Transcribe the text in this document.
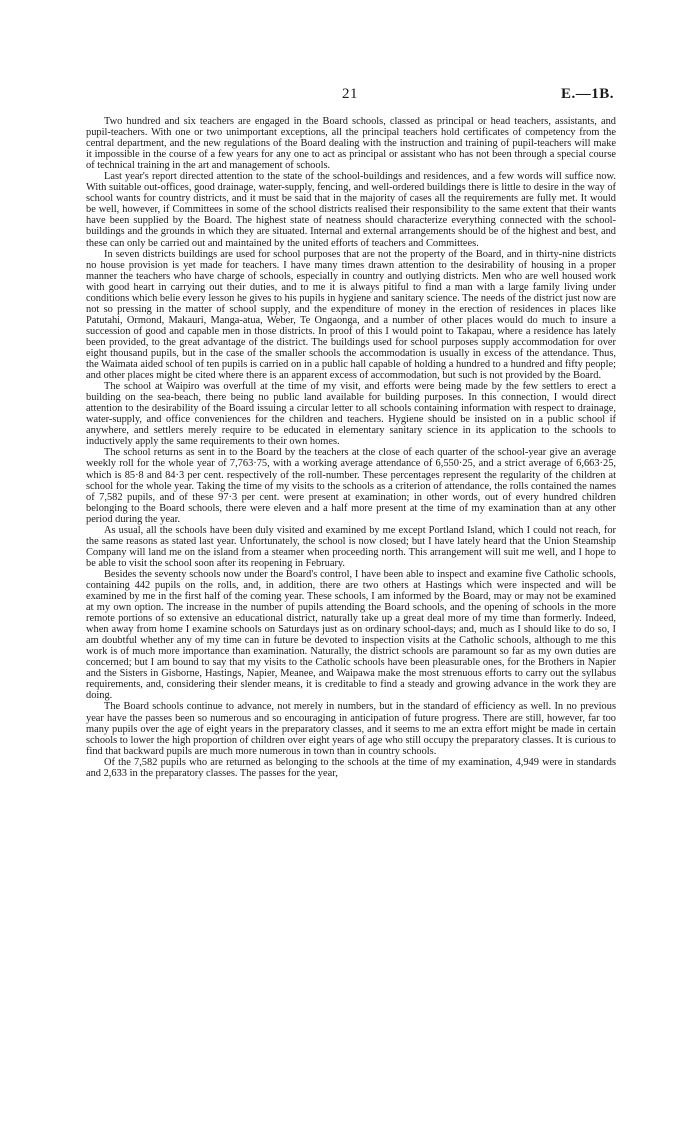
21	E.—1B.

Two hundred and six teachers are engaged in the Board schools, classed as principal or head teachers, assistants, and pupil-teachers. With one or two unimportant exceptions, all the principal teachers hold certificates of competency from the central department, and the new regulations of the Board dealing with the instruction and training of pupil-teachers will make it impossible in the course of a few years for any one to act as principal or assistant who has not been through a special course of technical training in the art and management of schools.

Last year's report directed attention to the state of the school-buildings and residences, and a few words will suffice now. With suitable out-offices, good drainage, water-supply, fencing, and well-ordered buildings there is little to desire in the way of school wants for country districts, and it must be said that in the majority of cases all the requirements are fully met. It would be well, however, if Committees in some of the school districts realised their responsibility to the same extent that their wants have been supplied by the Board. The highest state of neatness should characterize everything connected with the school-buildings and the grounds in which they are situated. Internal and external arrangements should be of the highest and best, and these can only be carried out and maintained by the united efforts of teachers and Committees.

In seven districts buildings are used for school purposes that are not the property of the Board, and in thirty-nine districts no house provision is yet made for teachers. I have many times drawn attention to the desirability of housing in a proper manner the teachers who have charge of schools, especially in country and outlying districts. Men who are well housed work with good heart in carrying out their duties, and to me it is always pitiful to find a man with a large family living under conditions which belie every lesson he gives to his pupils in hygiene and sanitary science. The needs of the district just now are not so pressing in the matter of school supply, and the expenditure of money in the erection of residences in places like Patutahi, Ormond, Makauri, Manga-atua, Weber, Te Ongaonga, and a number of other places would do much to insure a succession of good and capable men in those districts. In proof of this I would point to Takapau, where a residence has lately been provided, to the great advantage of the district. The buildings used for school purposes supply accommodation for over eight thousand pupils, but in the case of the smaller schools the accommodation is usually in excess of the attendance. Thus, the Waimata aided school of ten pupils is carried on in a public hall capable of holding a hundred to a hundred and fifty people; and other places might be cited where there is an apparent excess of accommodation, but such is not provided by the Board.

The school at Waipiro was overfull at the time of my visit, and efforts were being made by the few settlers to erect a building on the sea-beach, there being no public land available for building purposes. In this connection, I would direct attention to the desirability of the Board issuing a circular letter to all schools containing information with respect to drainage, water-supply, and office conveniences for the children and teachers. Hygiene should be insisted on in a public school if anywhere, and settlers merely require to be educated in elementary sanitary science in its application to the schools to inductively apply the same requirements to their own homes.

The school returns as sent in to the Board by the teachers at the close of each quarter of the school-year give an average weekly roll for the whole year of 7,763·75, with a working average attendance of 6,550·25, and a strict average of 6,663·25, which is 85·8 and 84·3 per cent. respectively of the roll-number. These percentages represent the regularity of the children at school for the whole year. Taking the time of my visits to the schools as a criterion of attendance, the rolls contained the names of 7,582 pupils, and of these 97·3 per cent. were present at examination; in other words, out of every hundred children belonging to the Board schools, there were eleven and a half more present at the time of my examination than at any other period during the year.

As usual, all the schools have been duly visited and examined by me except Portland Island, which I could not reach, for the same reasons as stated last year. Unfortunately, the school is now closed; but I have lately heard that the Union Steamship Company will land me on the island from a steamer when proceeding north. This arrangement will suit me well, and I hope to be able to visit the school soon after its reopening in February.

Besides the seventy schools now under the Board's control, I have been able to inspect and examine five Catholic schools, containing 442 pupils on the rolls, and, in addition, there are two others at Hastings which were inspected and will be examined by me in the first half of the coming year. These schools, I am informed by the Board, may or may not be examined at my own option. The increase in the number of pupils attending the Board schools, and the opening of schools in the more remote portions of so extensive an educational district, naturally take up a great deal more of my time than formerly. Indeed, when away from home I examine schools on Saturdays just as on ordinary school-days; and, much as I should like to do so, I am doubtful whether any of my time can in future be devoted to inspection visits at the Catholic schools, although to me this work is of much more importance than examination. Naturally, the district schools are paramount so far as my own duties are concerned; but I am bound to say that my visits to the Catholic schools have been pleasurable ones, for the Brothers in Napier and the Sisters in Gisborne, Hastings, Napier, Meanee, and Waipawa make the most strenuous efforts to carry out the syllabus requirements, and, considering their slender means, it is creditable to find a steady and growing advance in the work they are doing.

The Board schools continue to advance, not merely in numbers, but in the standard of efficiency as well. In no previous year have the passes been so numerous and so encouraging in anticipation of future progress. There are still, however, far too many pupils over the age of eight years in the preparatory classes, and it seems to me an extra effort might be made in certain schools to lower the high proportion of children over eight years of age who still occupy the preparatory classes. It is curious to find that backward pupils are much more numerous in town than in country schools.

Of the 7,582 pupils who are returned as belonging to the schools at the time of my examination, 4,949 were in standards and 2,633 in the preparatory classes. The passes for the year,
